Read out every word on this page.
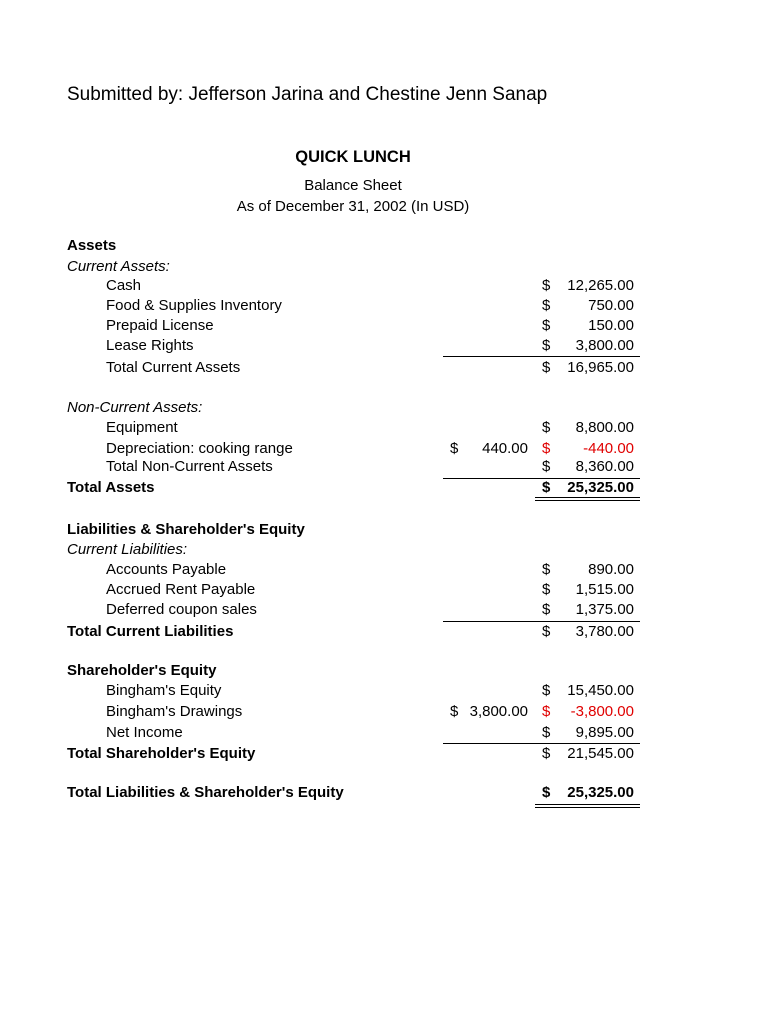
Submitted by: Jefferson Jarina and Chestine Jenn Sanap
QUICK LUNCH
Balance Sheet
As of December 31, 2002 (In USD)
Assets
Current Assets:
Cash	$ 12,265.00
Food & Supplies Inventory	$	750.00
Prepaid License	$	150.00
Lease Rights	$ 3,800.00
Total Current Assets	$ 16,965.00
Non-Current Assets:
Equipment	$ 8,800.00
Depreciation: cooking range	$ 440.00 $ -440.00
Total Non-Current Assets	$ 8,360.00
Total Assets	$ 25,325.00
Liabilities & Shareholder's Equity
Current Liabilities:
Accounts Payable	$	890.00
Accrued Rent Payable	$ 1,515.00
Deferred coupon sales	$ 1,375.00
Total Current Liabilities	$ 3,780.00
Shareholder's Equity
Bingham's Equity	$ 15,450.00
Bingham's Drawings	$ 3,800.00 $ -3,800.00
Net Income	$ 9,895.00
Total Shareholder's Equity	$ 21,545.00
Total Liabilities & Shareholder's Equity	$ 25,325.00
